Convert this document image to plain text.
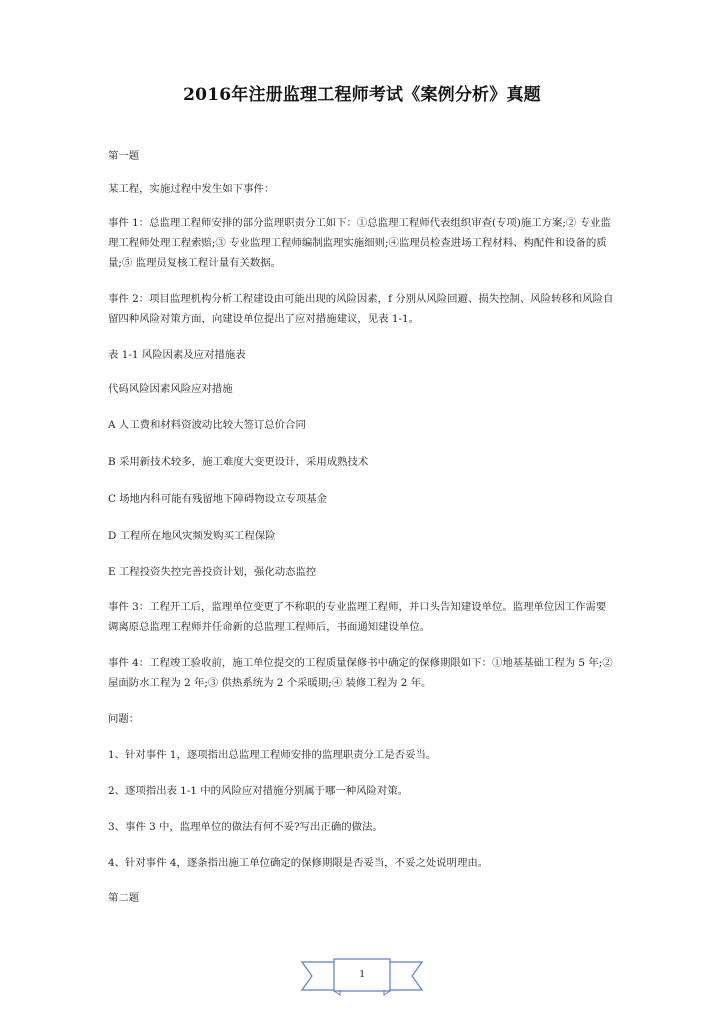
2016年注册监理工程师考试《案例分析》真题
第一题
某工程，实施过程中发生如下事件：
事件 1：总监理工程师安排的部分监理职责分工如下：①总监理工程师代表组织审查(专项)施工方案;② 专业监理工程师处理工程索赔;③ 专业监理工程师编制监理实施细则;④监理员检查进场工程材料、构配件和设备的质量;⑤ 监理员复核工程计量有关数据。
事件 2：项目监理机构分析工程建设由可能出现的风险因素，f 分别从风险回避、损失控制、风险转移和风险自留四种风险对策方面，向建设单位提出了应对措施建议，见表 1-1。
表 1-1 风险因素及应对措施表
代码风险因素风险应对措施
A 人工费和材料资波动比较大签订总价合同
B 采用新技术较多，施工难度大变更设计，采用成熟技术
C 场地内科可能有残留地下障碍物设立专项基金
D 工程所在地风灾频发购买工程保险
E 工程投资失控完善投资计划，强化动态监控
事件 3：工程开工后，监理单位变更了不称职的专业监理工程师，并口头告知建设单位。监理单位因工作需要调离原总监理工程师并任命新的总监理工程师后，书面通知建设单位。
事件 4：工程竣工验收前，施工单位提交的工程质量保修书中确定的保修期限如下：①地基基础工程为 5 年;② 屋面防水工程为 2 年;③ 供热系统为 2 个采暖期;④ 装修工程为 2 年。
问题：
1、针对事件 1，逐项指出总监理工程师安排的监理职责分工是否妥当。
2、逐项指出表 1-1 中的风险应对措施分别属于哪一种风险对策。
3、事件 3 中，监理单位的做法有何不妥?写出正确的做法。
4、针对事件 4，逐条指出施工单位确定的保修期限是否妥当，不妥之处说明理由。
第二题
1
